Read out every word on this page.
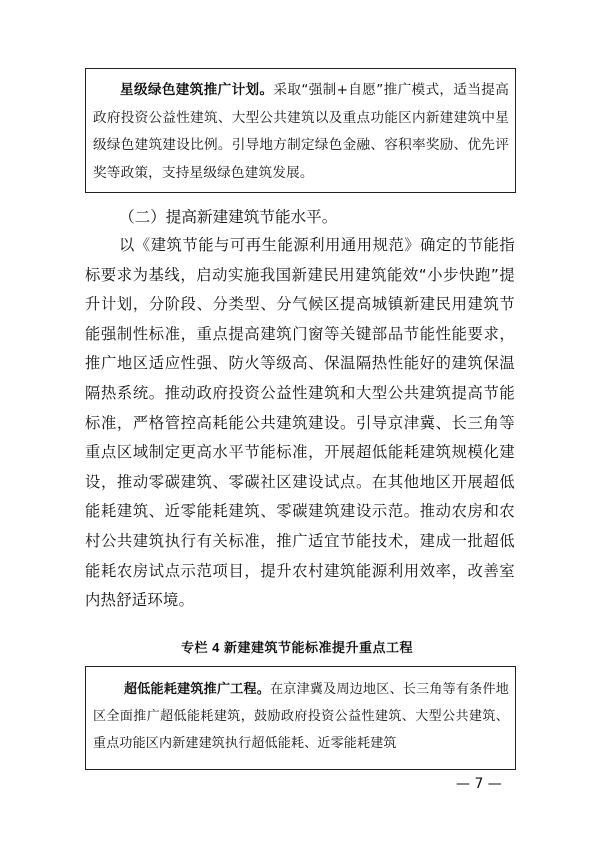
星级绿色建筑推广计划。采取“强制+自愿”推广模式，适当提高政府投资公益性建筑、大型公共建筑以及重点功能区内新建建筑中星级绿色建筑建设比例。引导地方制定绿色金融、容积率奖励、优先评奖等政策，支持星级绿色建筑发展。

（二）提高新建建筑节能水平。

以《建筑节能与可再生能源利用通用规范》确定的节能指标要求为基线，启动实施我国新建民用建筑能效“小步快跑”提升计划，分阶段、分类型、分气候区提高城镇新建民用建筑节能强制性标准，重点提高建筑门窗等关键部品节能性能要求，推广地区适应性强、防火等级高、保温隔热性能好的建筑保温隔热系统。推动政府投资公益性建筑和大型公共建筑提高节能标准，严格管控高耗能公共建筑建设。引导京津冀、长三角等重点区域制定更高水平节能标准，开展超低能耗建筑规模化建设，推动零碳建筑、零碳社区建设试点。在其他地区开展超低能耗建筑、近零能耗建筑、零碳建筑建设示范。推动农房和农村公共建筑执行有关标准，推广适宜节能技术，建成一批超低能耗农房试点示范项目，提升农村建筑能源利用效率，改善室内热舒适环境。

专栏 4 新建建筑节能标准提升重点工程

超低能耗建筑推广工程。在京津冀及周边地区、长三角等有条件地区全面推广超低能耗建筑，鼓励政府投资公益性建筑、大型公共建筑、重点功能区内新建建筑执行超低能耗、近零能耗建筑

— 7 —
